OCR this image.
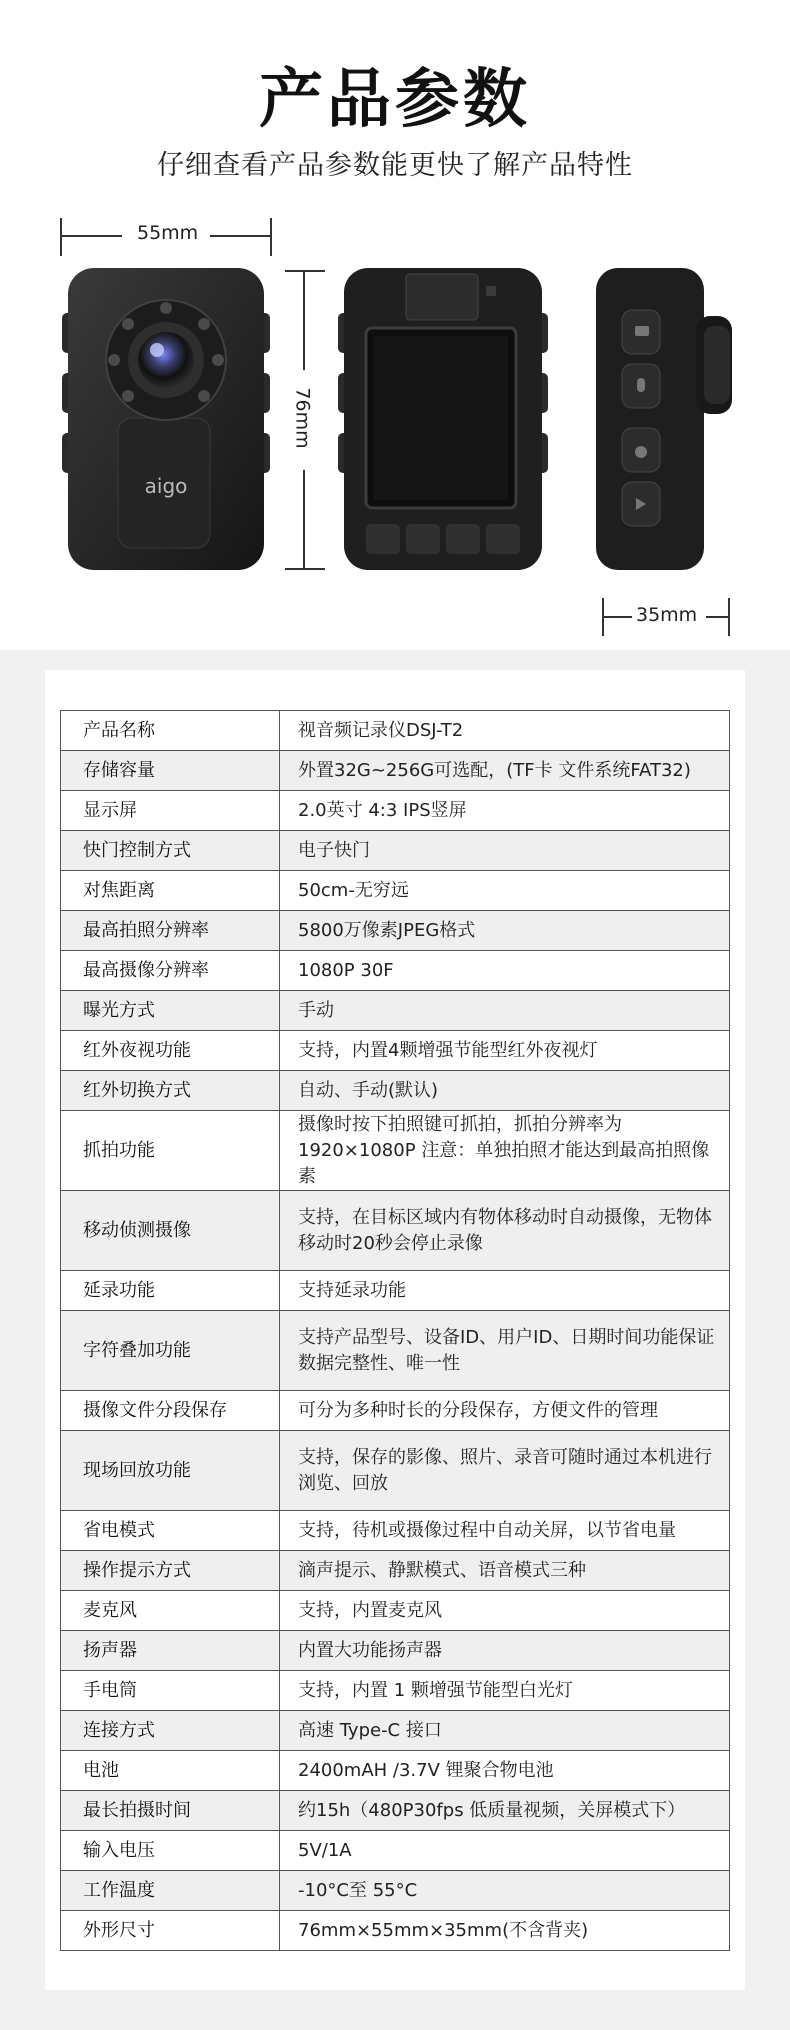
产品参数
仔细查看产品参数能更快了解产品特性
55mm
76mm
35mm
aigo
产品名称	视音频记录仪DSJ-T2
存储容量	外置32G~256G可选配，(TF卡 文件系统FAT32)
显示屏	2.0英寸 4:3 IPS竖屏
快门控制方式	电子快门
对焦距离	50cm-无穷远
最高拍照分辨率	5800万像素JPEG格式
最高摄像分辨率	1080P 30F
曝光方式	手动
红外夜视功能	支持，内置4颗增强节能型红外夜视灯
红外切换方式	自动、手动(默认)
抓拍功能	摄像时按下拍照键可抓拍，抓拍分辨率为1920×1080P 注意：单独拍照才能达到最高拍照像素
移动侦测摄像	支持，在目标区域内有物体移动时自动摄像，无物体移动时20秒会停止录像
延录功能	支持延录功能
字符叠加功能	支持产品型号、设备ID、用户ID、日期时间功能保证数据完整性、唯一性
摄像文件分段保存	可分为多种时长的分段保存，方便文件的管理
现场回放功能	支持，保存的影像、照片、录音可随时通过本机进行浏览、回放
省电模式	支持，待机或摄像过程中自动关屏，以节省电量
操作提示方式	滴声提示、静默模式、语音模式三种
麦克风	支持，内置麦克风
扬声器	内置大功能扬声器
手电筒	支持，内置 1 颗增强节能型白光灯
连接方式	高速 Type-C 接口
电池	2400mAH /3.7V 锂聚合物电池
最长拍摄时间	约15h（480P30fps 低质量视频，关屏模式下）
输入电压	5V/1A
工作温度	-10°C至 55°C
外形尺寸	76mm×55mm×35mm(不含背夹)
